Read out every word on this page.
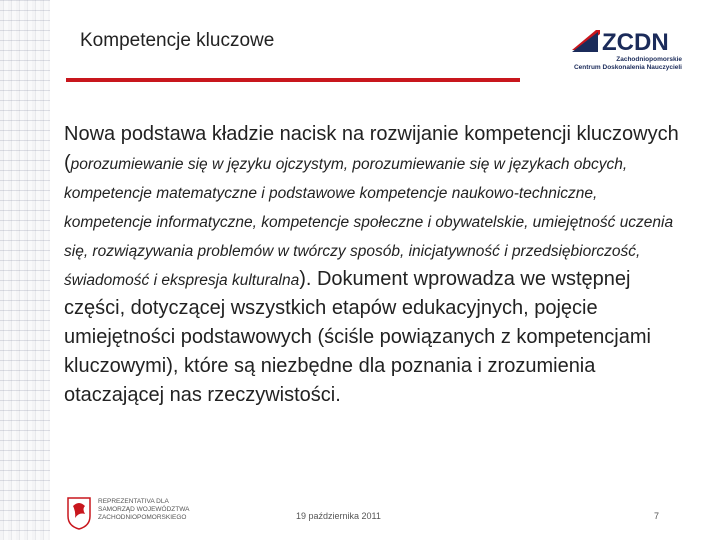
Kompetencje kluczowe	ZCDN
Zachodniopomorskie
Centrum Doskonalenia Nauczycieli
Nowa podstawa kładzie nacisk na rozwijanie kompetencji kluczowych (porozumiewanie się w języku ojczystym, porozumiewanie się w językach obcych, kompetencje matematyczne i podstawowe kompetencje naukowo-techniczne, kompetencje informatyczne, kompetencje społeczne i obywatelskie, umiejętność uczenia się, rozwiązywania problemów w twórczy sposób, inicjatywność i przedsiębiorczość, świadomość i ekspresja kulturalna). Dokument wprowadza we wstępnej części, dotyczącej wszystkich etapów edukacyjnych, pojęcie umiejętności podstawowych (ściśle powiązanych z kompetencjami kluczowymi), które są niezbędne dla poznania i zrozumienia otaczającej nas rzeczywistości.
REPREZENTATIVA DLA
SAMORZĄD WOJEWÓDZTWA
ZACHODNIOPOMORSKIEGO	19 października 2011	7
